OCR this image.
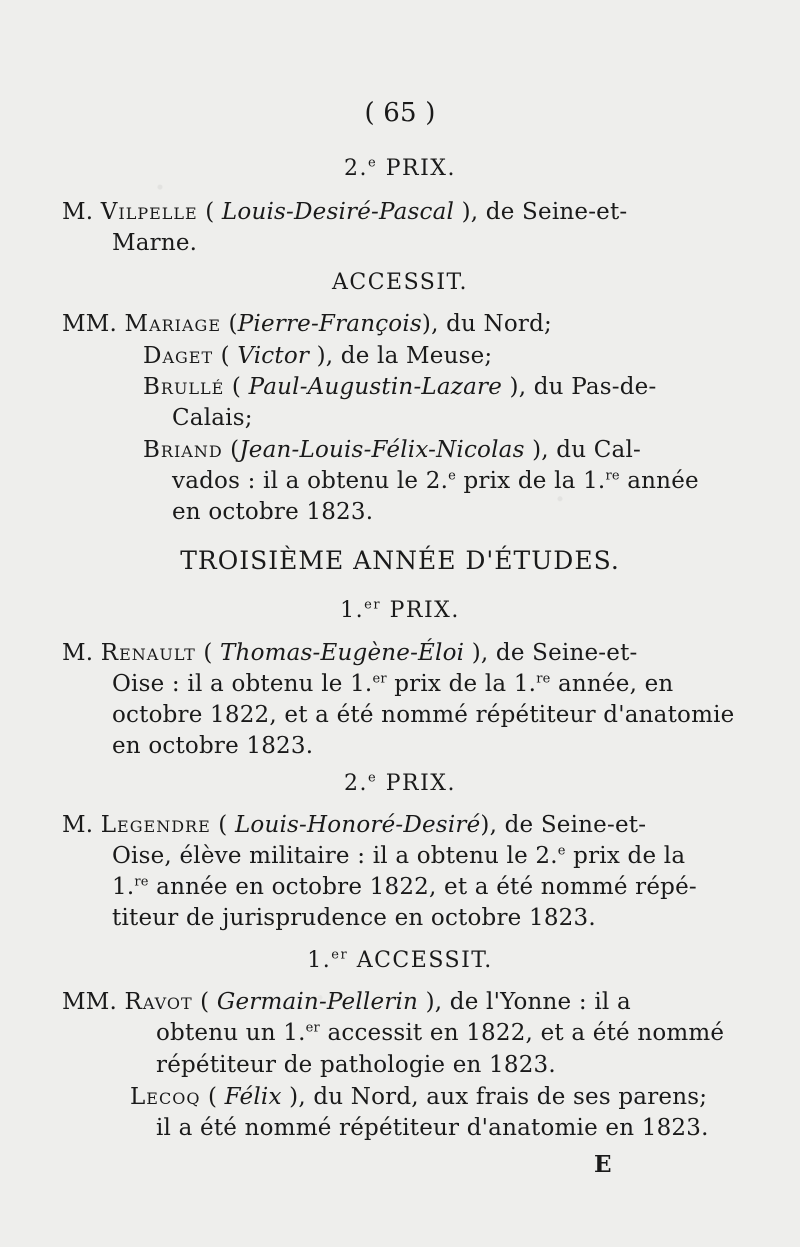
( 65 )
2.$^e$ PRIX.
M. Vilpelle ( Louis-Desiré-Pascal ), de Seine-et-
Marne.
ACCESSIT.
MM. Mariage (Pierre-François), du Nord;
Daget ( Victor ), de la Meuse;
Brullé ( Paul-Augustin-Lazare ), du Pas-de-
Calais;
Briand (Jean-Louis-Félix-Nicolas ), du Cal-
vados : il a obtenu le 2.$^e$ prix de la 1.$^{re}$ année
en octobre 1823.
TROISIÈME ANNÉE D'ÉTUDES.
1.$^{er}$ PRIX.
M. Renault ( Thomas-Eugène-Éloi ), de Seine-et-
Oise : il a obtenu le 1.$^{er}$ prix de la 1.$^{re}$ année, en
octobre 1822, et a été nommé répétiteur d'anatomie
en octobre 1823.
2.$^e$ PRIX.
M. Legendre ( Louis-Honoré-Desiré), de Seine-et-
Oise, élève militaire : il a obtenu le 2.$^e$ prix de la
1.$^{re}$ année en octobre 1822, et a été nommé répé-
titeur de jurisprudence en octobre 1823.
1.$^{er}$ ACCESSIT.
MM. Ravot ( Germain-Pellerin ), de l'Yonne : il a
obtenu un 1.$^{er}$ accessit en 1822, et a été nommé
répétiteur de pathologie en 1823.
Lecoq ( Félix ), du Nord, aux frais de ses parens;
il a été nommé répétiteur d'anatomie en 1823.
E
